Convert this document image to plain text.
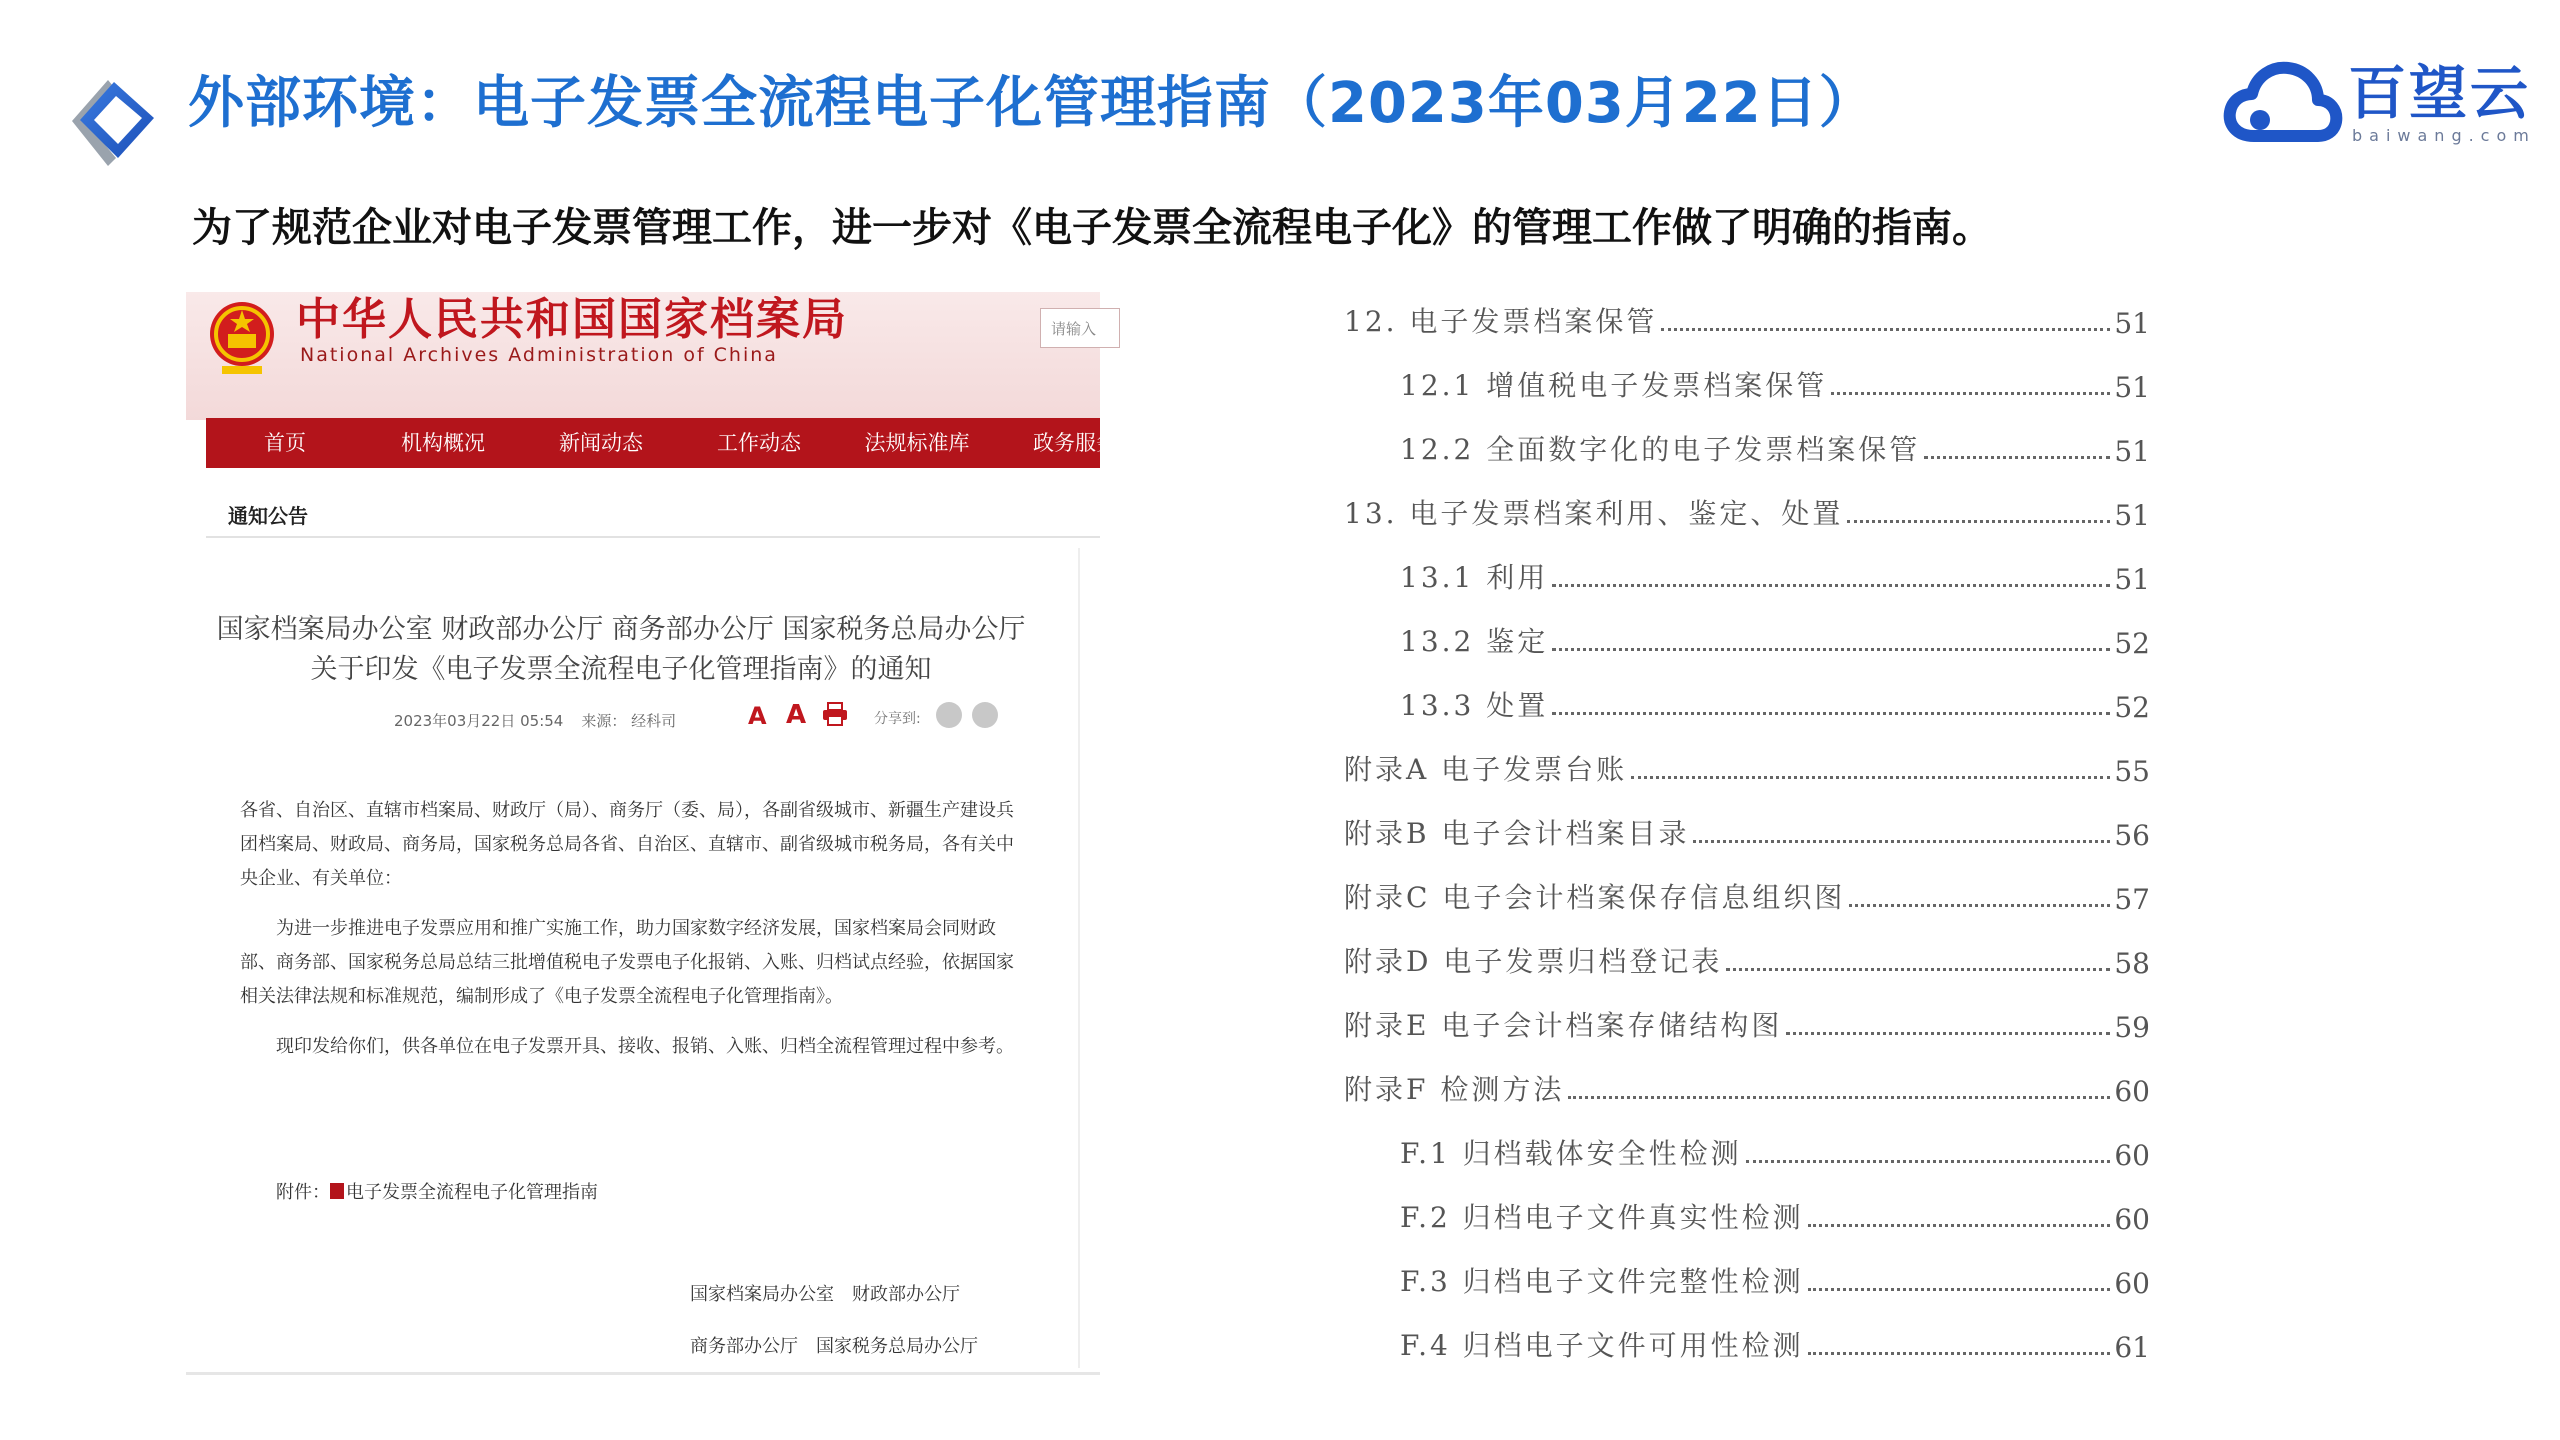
外部环境：电子发票全流程电子化管理指南（2023年03月22日）	百望云
baiwang.com
为了规范企业对电子发票管理工作，进一步对《电子发票全流程电子化》的管理工作做了明确的指南。
中华人民共和国国家档案局
National Archives Administration of China
请输入
首页	机构概况	新闻动态	工作动态	法规标准库	政务服务
通知公告
国家档案局办公室 财政部办公厅 商务部办公厅 国家税务总局办公厅关于印发《电子发票全流程电子化管理指南》的通知
2023年03月22日 05:54 来源： 经科司	A A	分享到:
各省、自治区、直辖市档案局、财政厅（局）、商务厅（委、局），各副省级城市、新疆生产建设兵团档案局、财政局、商务局，国家税务总局各省、自治区、直辖市、副省级城市税务局，各有关中央企业、有关单位：
为进一步推进电子发票应用和推广实施工作，助力国家数字经济发展，国家档案局会同财政部、商务部、国家税务总局总结三批增值税电子发票电子化报销、入账、归档试点经验，依据国家相关法律法规和标准规范，编制形成了《电子发票全流程电子化管理指南》。
现印发给你们，供各单位在电子发票开具、接收、报销、入账、归档全流程管理过程中参考。
附件： 电子发票全流程电子化管理指南
国家档案局办公室　财政部办公厅
商务部办公厅　国家税务总局办公厅
12. 电子发票档案保管	51
12.1 增值税电子发票档案保管	51
12.2 全面数字化的电子发票档案保管	51
13. 电子发票档案利用、鉴定、处置	51
13.1 利用	51
13.2 鉴定	52
13.3 处置	52
附录A 电子发票台账	55
附录B 电子会计档案目录	56
附录C 电子会计档案保存信息组织图	57
附录D 电子发票归档登记表	58
附录E 电子会计档案存储结构图	59
附录F 检测方法	60
F.1 归档载体安全性检测	60
F.2 归档电子文件真实性检测	60
F.3 归档电子文件完整性检测	60
F.4 归档电子文件可用性检测	61
